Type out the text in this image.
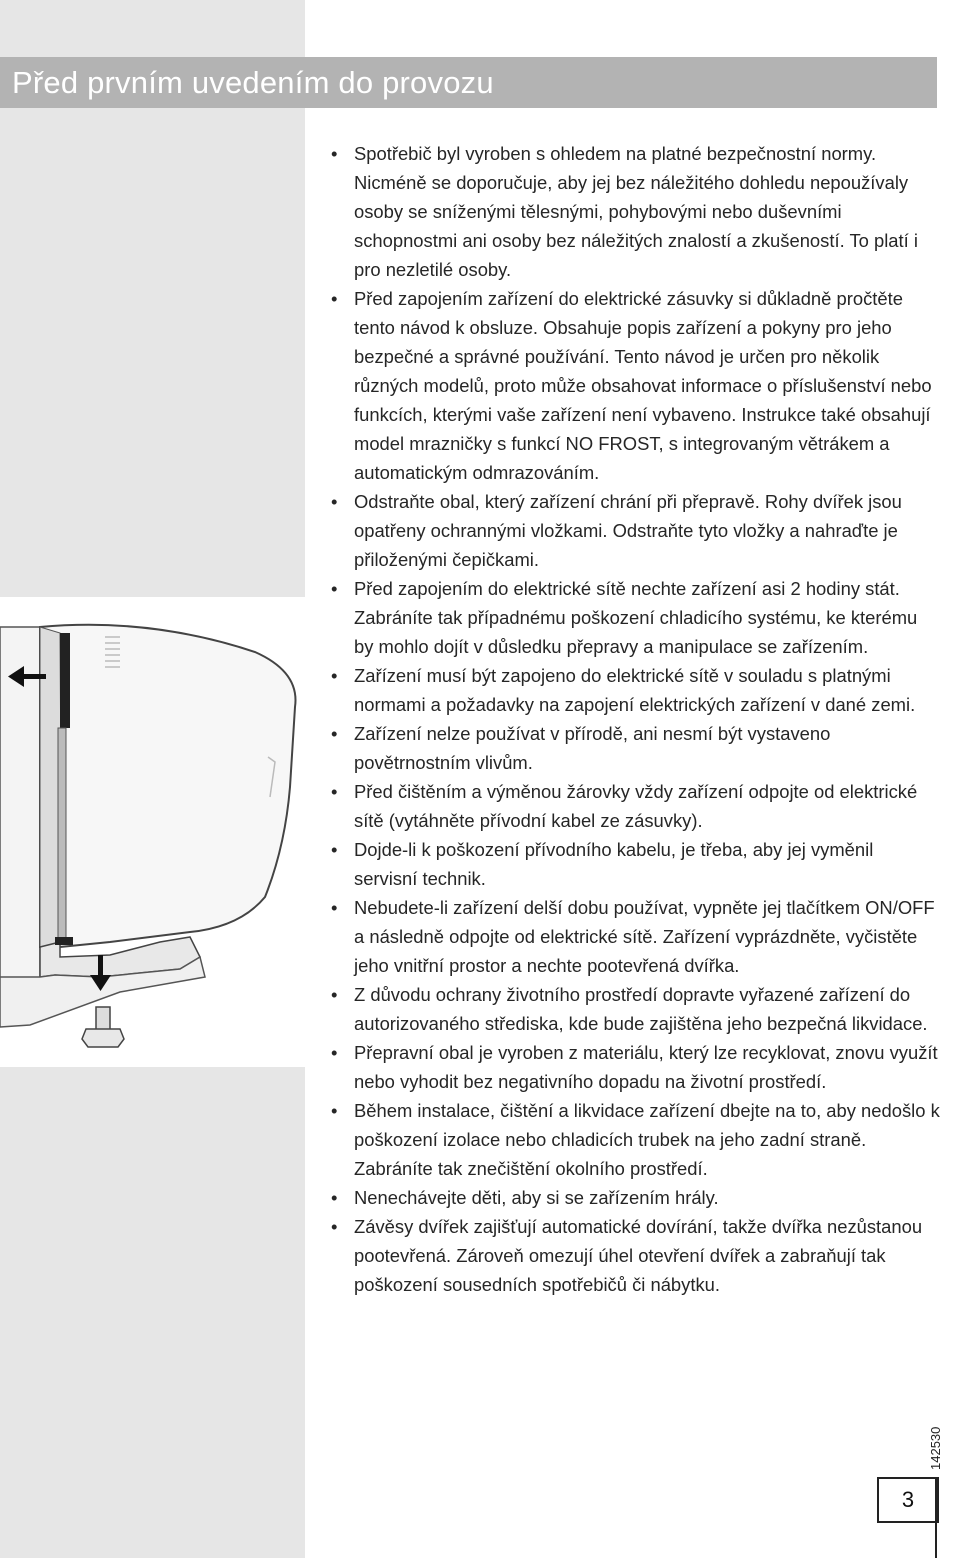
Před prvním uvedením do provozu
• Spotřebič byl vyroben s ohledem na platné bezpečnostní normy. Nicméně se doporučuje, aby jej bez náležitého dohledu nepoužívaly osoby se sníženými tělesnými, pohybovými nebo duševními schopnostmi ani osoby bez náležitých znalostí a zkušeností. To platí i pro nezletilé osoby.
• Před zapojením zařízení do elektrické zásuvky si důkladně pročtěte tento návod k obsluze. Obsahuje popis zařízení a pokyny pro jeho bezpečné a správné používání. Tento návod je určen pro několik různých modelů, proto může obsahovat informace o příslušenství nebo funkcích, kterými vaše zařízení není vybaveno. Instrukce také obsahují model mrazničky s funkcí NO FROST, s integrovaným větrákem a automatickým odmrazováním.
• Odstraňte obal, který zařízení chrání při přepravě. Rohy dvířek jsou opatřeny ochrannými vložkami. Odstraňte tyto vložky a nahraďte je přiloženými čepičkami.
• Před zapojením do elektrické sítě nechte zařízení asi 2 hodiny stát. Zabráníte tak případnému poškození chladicího systému, ke kterému by mohlo dojít v důsledku přepravy a manipulace se zařízením.
• Zařízení musí být zapojeno do elektrické sítě v souladu s platnými normami a požadavky na zapojení elektrických zařízení v dané zemi.
• Zařízení nelze používat v přírodě, ani nesmí být vystaveno povětrnostním vlivům.
• Před čištěním a výměnou žárovky vždy zařízení odpojte od elektrické sítě (vytáhněte přívodní kabel ze zásuvky).
• Dojde-li k poškození přívodního kabelu, je třeba, aby jej vyměnil servisní technik.
• Nebudete-li zařízení delší dobu používat, vypněte jej tlačítkem ON/OFF a následně odpojte od elektrické sítě. Zařízení vyprázdněte, vyčistěte jeho vnitřní prostor a nechte pootevřená dvířka.
• Z důvodu ochrany životního prostředí dopravte vyřazené zařízení do autorizovaného střediska, kde bude zajištěna jeho bezpečná likvidace.
• Přepravní obal je vyroben z materiálu, který lze recyklovat, znovu využít nebo vyhodit bez negativního dopadu na životní prostředí.
• Během instalace, čištění a likvidace zařízení dbejte na to, aby nedošlo k poškození izolace nebo chladicích trubek na jeho zadní straně. Zabráníte tak znečištění okolního prostředí.
• Nenechávejte děti, aby si se zařízením hrály.
• Závěsy dvířek zajišťují automatické dovírání, takže dvířka nezůstanou pootevřená. Zároveň omezují úhel otevření dvířek a zabraňují tak poškození sousedních spotřebičů či nábytku.
142530
3
